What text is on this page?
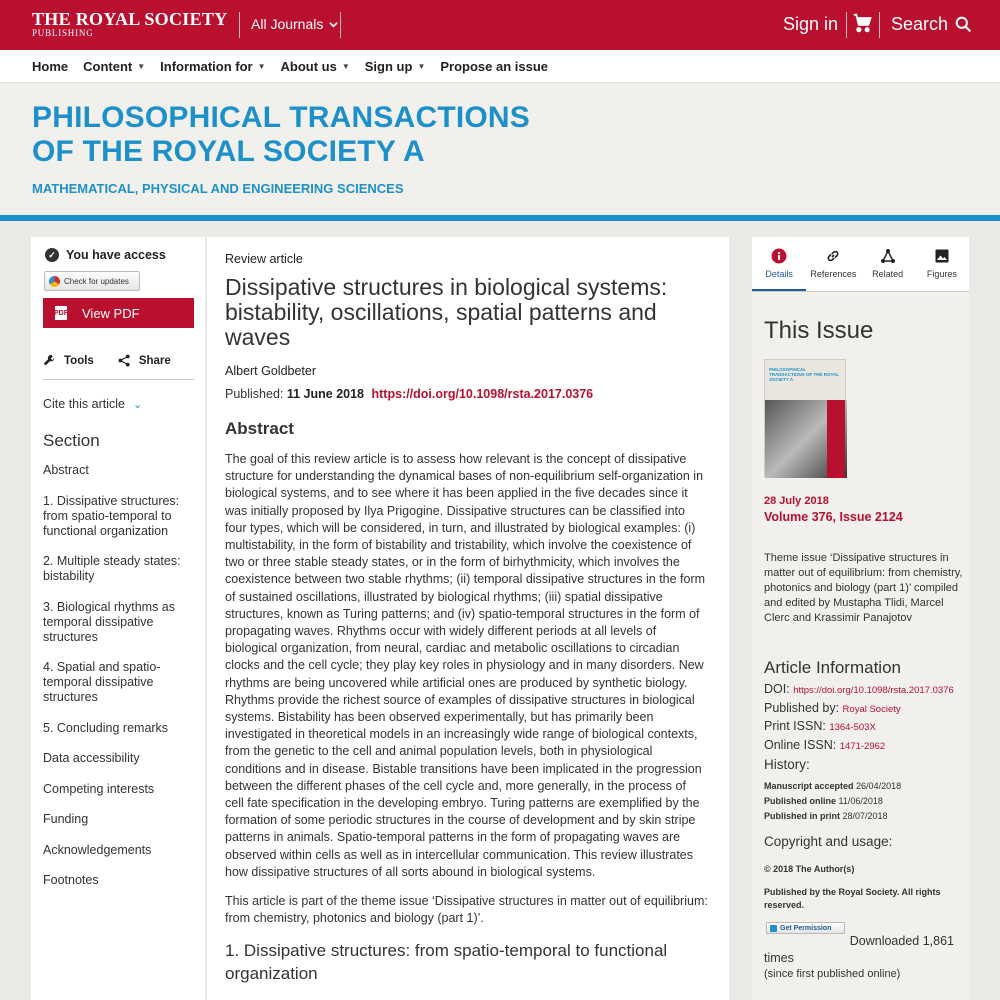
THE ROYAL SOCIETY
PUBLISHING
All Journals	Sign in	Search
Home Content ▼ Information for ▼ About us ▼ Sign up ▼ Propose an issue
PHILOSOPHICAL TRANSACTIONS
OF THE ROYAL SOCIETY A
MATHEMATICAL, PHYSICAL AND ENGINEERING SCIENCES
✓ You have access
Check for updates
PDF View PDF
Tools	Share
Cite this article ⌄
Section
Abstract
1. Dissipative structures: from spatio-temporal to functional organization
2. Multiple steady states: bistability
3. Biological rhythms as temporal dissipative structures
4. Spatial and spatio-temporal dissipative structures
5. Concluding remarks
Data accessibility
Competing interests
Funding
Acknowledgements
Footnotes
Review article
Dissipative structures in biological systems: bistability, oscillations, spatial patterns and waves
Albert Goldbeter
Published: 11 June 2018 https://doi.org/10.1098/rsta.2017.0376
Abstract

The goal of this review article is to assess how relevant is the concept of dissipative structure for understanding the dynamical bases of non-equilibrium self-organization in biological systems, and to see where it has been applied in the five decades since it was initially proposed by Ilya Prigogine. Dissipative structures can be classified into four types, which will be considered, in turn, and illustrated by biological examples: (i) multistability, in the form of bistability and tristability, which involve the coexistence of two or three stable steady states, or in the form of birhythmicity, which involves the coexistence between two stable rhythms; (ii) temporal dissipative structures in the form of sustained oscillations, illustrated by biological rhythms; (iii) spatial dissipative structures, known as Turing patterns; and (iv) spatio-temporal structures in the form of propagating waves. Rhythms occur with widely different periods at all levels of biological organization, from neural, cardiac and metabolic oscillations to circadian clocks and the cell cycle; they play key roles in physiology and in many disorders. New rhythms are being uncovered while artificial ones are produced by synthetic biology. Rhythms provide the richest source of examples of dissipative structures in biological systems. Bistability has been observed experimentally, but has primarily been investigated in theoretical models in an increasingly wide range of biological contexts, from the genetic to the cell and animal population levels, both in physiological conditions and in disease. Bistable transitions have been implicated in the progression between the different phases of the cell cycle and, more generally, in the process of cell fate specification in the developing embryo. Turing patterns are exemplified by the formation of some periodic structures in the course of development and by skin stripe patterns in animals. Spatio-temporal patterns in the form of propagating waves are observed within cells as well as in intercellular communication. This review illustrates how dissipative structures of all sorts abound in biological systems.

This article is part of the theme issue ‘Dissipative structures in matter out of equilibrium: from chemistry, photonics and biology (part 1)’.

1. Dissipative structures: from spatio-temporal to functional organization
Details References Related	Figures
This Issue
PHILOSOPHICAL TRANSACTIONS OF THE ROYAL SOCIETY A
28 July 2018
Volume 376, Issue 2124
Theme issue ‘Dissipative structures in matter out of equilibrium: from chemistry, photonics and biology (part 1)’ compiled and edited by Mustapha Tlidi, Marcel Clerc and Krassimir Panajotov
Article Information
DOI: https://doi.org/10.1098/rsta.2017.0376
Published by: Royal Society
Print ISSN: 1364-503X
Online ISSN: 1471-2962
History:
Manuscript accepted 26/04/2018
Published online 11/06/2018
Published in print 28/07/2018
Copyright and usage:
© 2018 The Author(s)
Published by the Royal Society. All rights reserved.
Get Permission
Downloaded 1,861
times
(since first published online)
